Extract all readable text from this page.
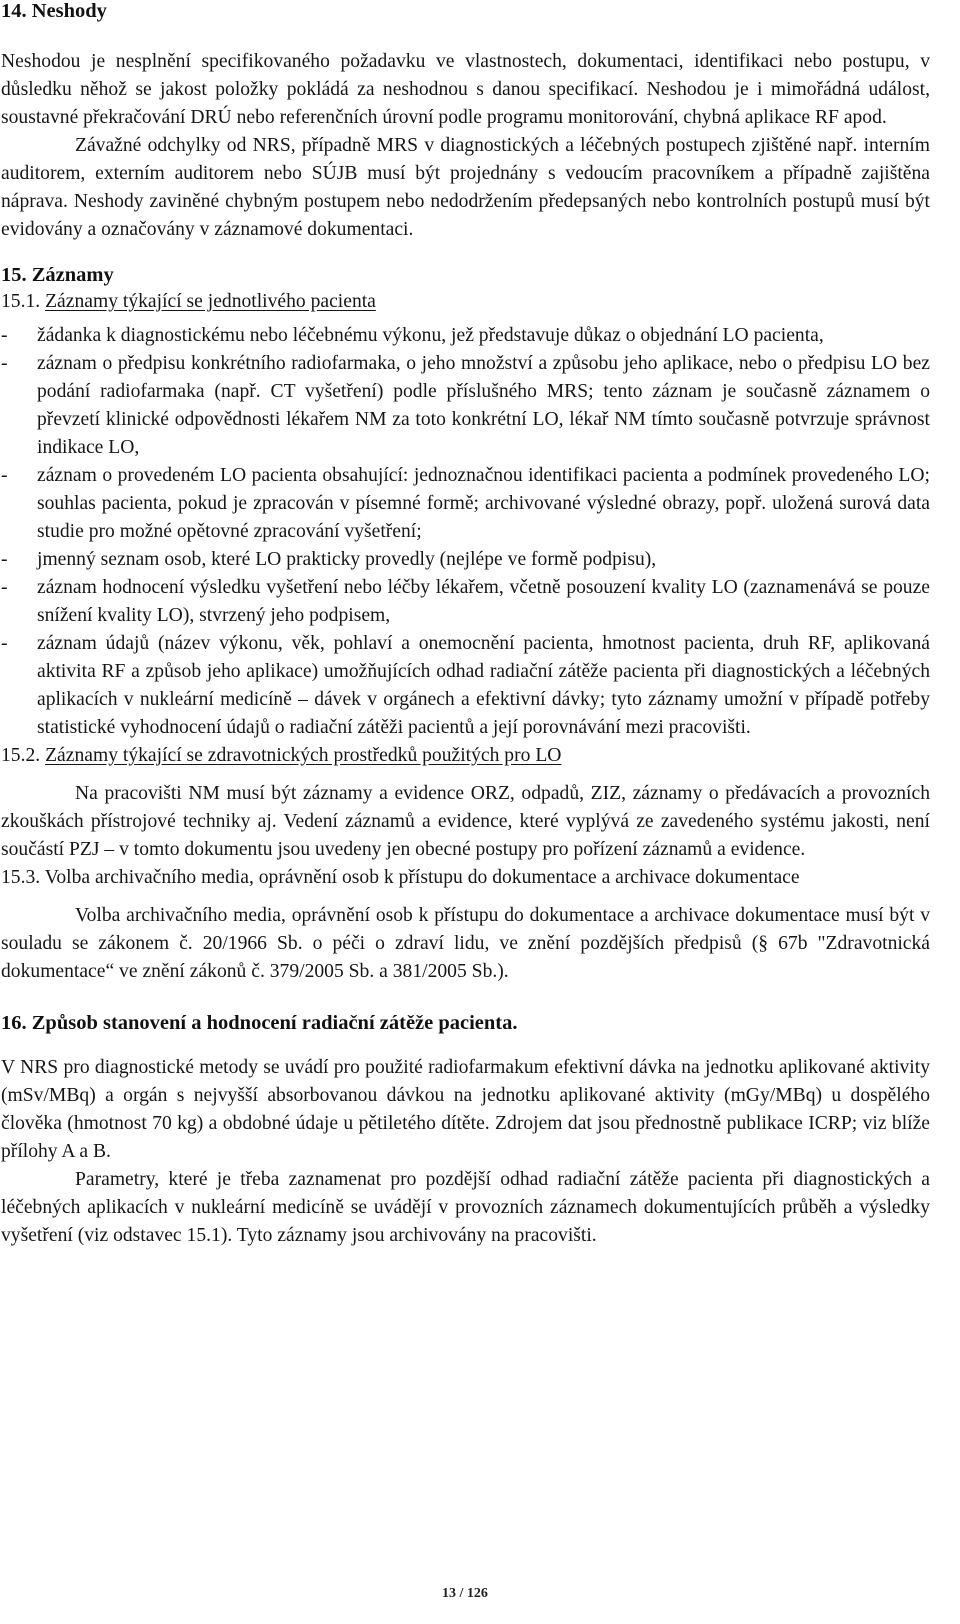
14. Neshody

Neshodou je nesplnění specifikovaného požadavku ve vlastnostech, dokumentaci, identifikaci nebo postupu, v důsledku něhož se jakost položky pokládá za neshodnou s danou specifikací. Neshodou je i mimořádná událost, soustavné překračování DRÚ nebo referenčních úrovní podle programu monitorování, chybná aplikace RF apod.

Závažné odchylky od NRS, případně MRS v diagnostických a léčebných postupech zjištěné např. interním auditorem, externím auditorem nebo SÚJB musí být projednány s vedoucím pracovníkem a případně zajištěna náprava. Neshody zaviněné chybným postupem nebo nedodržením předepsaných nebo kontrolních postupů musí být evidovány a označovány v záznamové dokumentaci.

15. Záznamy
15.1. Záznamy týkající se jednotlivého pacienta
- žádanka k diagnostickému nebo léčebnému výkonu, jež představuje důkaz o objednání LO pacienta,
- záznam o předpisu konkrétního radiofarmaka, o jeho množství a způsobu jeho aplikace, nebo o předpisu LO bez podání radiofarmaka (např. CT vyšetření) podle příslušného MRS; tento záznam je současně záznamem o převzetí klinické odpovědnosti lékařem NM za toto konkrétní LO, lékař NM tímto současně potvrzuje správnost indikace LO,
- záznam o provedeném LO pacienta obsahující: jednoznačnou identifikaci pacienta a podmínek provedeného LO; souhlas pacienta, pokud je zpracován v písemné formě; archivované výsledné obrazy, popř. uložená surová data studie pro možné opětovné zpracování vyšetření;
- jmenný seznam osob, které LO prakticky provedly (nejlépe ve formě podpisu),
- záznam hodnocení výsledku vyšetření nebo léčby lékařem, včetně posouzení kvality LO (zaznamenává se pouze snížení kvality LO), stvrzený jeho podpisem,
- záznam údajů (název výkonu, věk, pohlaví a onemocnění pacienta, hmotnost pacienta, druh RF, aplikovaná aktivita RF a způsob jeho aplikace) umožňujících odhad radiační zátěže pacienta při diagnostických a léčebných aplikacích v nukleární medicíně – dávek v orgánech a efektivní dávky; tyto záznamy umožní v případě potřeby statistické vyhodnocení údajů o radiační zátěži pacientů a její porovnávání mezi pracovišti.
15.2. Záznamy týkající se zdravotnických prostředků použitých pro LO

Na pracovišti NM musí být záznamy a evidence ORZ, odpadů, ZIZ, záznamy o předávacích a provozních zkouškách přístrojové techniky aj. Vedení záznamů a evidence, které vyplývá ze zavedeného systému jakosti, není součástí PZJ – v tomto dokumentu jsou uvedeny jen obecné postupy pro pořízení záznamů a evidence.

15.3. Volba archivačního media, oprávnění osob k přístupu do dokumentace a archivace dokumentace

Volba archivačního media, oprávnění osob k přístupu do dokumentace a archivace dokumentace musí být v souladu se zákonem č. 20/1966 Sb. o péči o zdraví lidu, ve znění pozdějších předpisů (§ 67b "Zdravotnická dokumentace“ ve znění zákonů č. 379/2005 Sb. a 381/2005 Sb.).

16. Způsob stanovení a hodnocení radiační zátěže pacienta.

V NRS pro diagnostické metody se uvádí pro použité radiofarmakum efektivní dávka na jednotku aplikované aktivity (mSv/MBq) a orgán s nejvyšší absorbovanou dávkou na jednotku aplikované aktivity (mGy/MBq) u dospělého člověka (hmotnost 70 kg) a obdobné údaje u pětiletého dítěte. Zdrojem dat jsou přednostně publikace ICRP; viz blíže přílohy A a B.

Parametry, které je třeba zaznamenat pro pozdější odhad radiační zátěže pacienta při diagnostických a léčebných aplikacích v nukleární medicíně se uvádějí v provozních záznamech dokumentujících průběh a výsledky vyšetření (viz odstavec 15.1). Tyto záznamy jsou archivovány na pracovišti.

13 / 126
